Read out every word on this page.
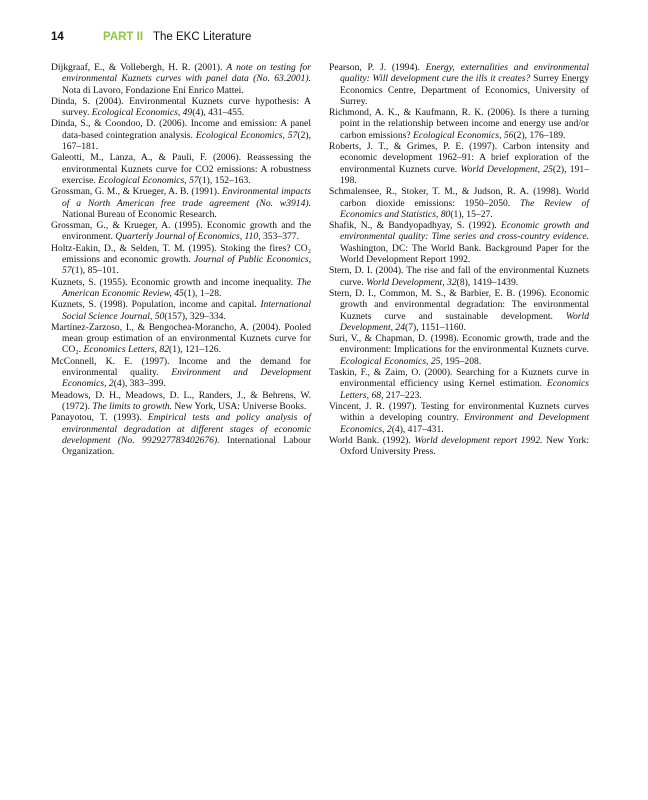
14	PART II The EKC Literature

Dijkgraaf, E., & Vollebergh, H. R. (2001). A note on testing for environmental Kuznets curves with panel data (No. 63.2001). Nota di Lavoro, Fondazione Eni Enrico Mattei.

Dinda, S. (2004). Environmental Kuznets curve hypothesis: A survey. Ecological Economics, 49(4), 431–455.

Dinda, S., & Coondoo, D. (2006). Income and emission: A panel data-based cointegration analysis. Ecological Economics, 57(2), 167–181.

Galeotti, M., Lanza, A., & Pauli, F. (2006). Reassessing the environmental Kuznets curve for CO2 emissions: A robustness exercise. Ecological Economics, 57(1), 152–163.

Grossman, G. M., & Krueger, A. B. (1991). Environmental impacts of a North American free trade agreement (No. w3914). National Bureau of Economic Research.

Grossman, G., & Krueger, A. (1995). Economic growth and the environment. Quarterly Journal of Economics, 110, 353–377.

Holtz-Eakin, D., & Selden, T. M. (1995). Stoking the fires? CO₂ emissions and economic growth. Journal of Public Economics, 57(1), 85–101.

Kuznets, S. (1955). Economic growth and income inequality. The American Economic Review, 45(1), 1–28.

Kuznets, S. (1998). Population, income and capital. International Social Science Journal, 50(157), 329–334.

Martínez-Zarzoso, I., & Bengochea-Morancho, A. (2004). Pooled mean group estimation of an environmental Kuznets curve for CO₂. Economics Letters, 82(1), 121–126.

McConnell, K. E. (1997). Income and the demand for environmental quality. Environment and Development Economics, 2(4), 383–399.

Meadows, D. H., Meadows, D. L., Randers, J., & Behrens, W. (1972). The limits to growth. New York, USA: Universe Books.

Panayotou, T. (1993). Empirical tests and policy analysis of environmental degradation at different stages of economic development (No. 992927783402676). International Labour Organization.

Pearson, P. J. (1994). Energy, externalities and environmental quality: Will development cure the ills it creates? Surrey Energy Economics Centre, Department of Economics, University of Surrey.

Richmond, A. K., & Kaufmann, R. K. (2006). Is there a turning point in the relationship between income and energy use and/or carbon emissions? Ecological Economics, 56(2), 176–189.

Roberts, J. T., & Grimes, P. E. (1997). Carbon intensity and economic development 1962–91: A brief exploration of the environmental Kuznets curve. World Development, 25(2), 191–198.

Schmalensee, R., Stoker, T. M., & Judson, R. A. (1998). World carbon dioxide emissions: 1950–2050. The Review of Economics and Statistics, 80(1), 15–27.

Shafik, N., & Bandyopadhyay, S. (1992). Economic growth and environmental quality: Time series and cross-country evidence. Washington, DC: The World Bank. Background Paper for the World Development Report 1992.

Stern, D. I. (2004). The rise and fall of the environmental Kuznets curve. World Development, 32(8), 1419–1439.

Stern, D. I., Common, M. S., & Barbier, E. B. (1996). Economic growth and environmental degradation: The environmental Kuznets curve and sustainable development. World Development, 24(7), 1151–1160.

Suri, V., & Chapman, D. (1998). Economic growth, trade and the environment: Implications for the environmental Kuznets curve. Ecological Economics, 25, 195–208.

Taskin, F., & Zaim, O. (2000). Searching for a Kuznets curve in environmental efficiency using Kernel estimation. Economics Letters, 68, 217–223.

Vincent, J. R. (1997). Testing for environmental Kuznets curves within a developing country. Environment and Development Economics, 2(4), 417–431.

World Bank. (1992). World development report 1992. New York: Oxford University Press.
